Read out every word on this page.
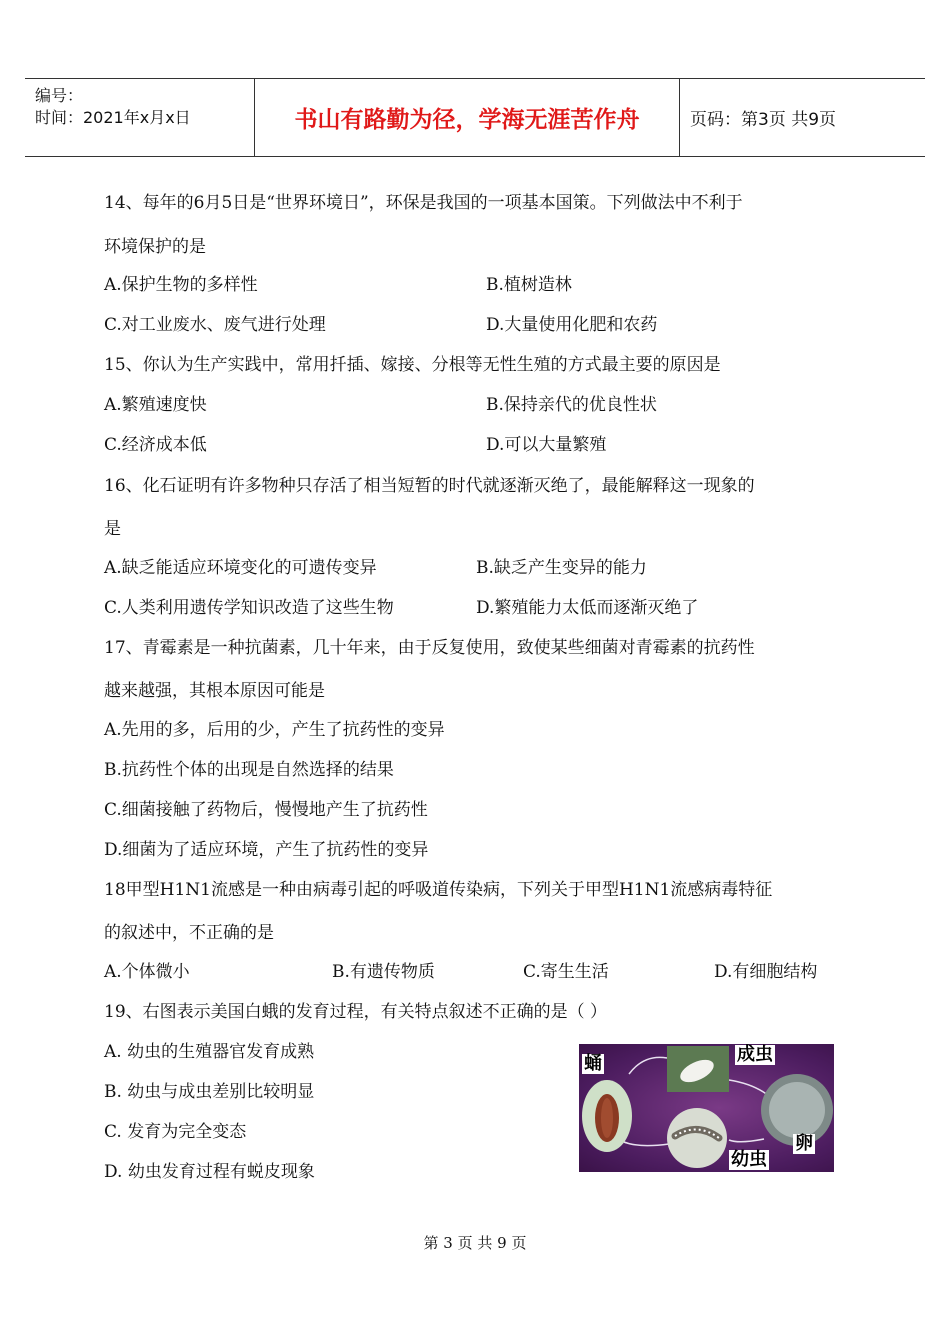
编号：
时间：2021年x月x日	书山有路勤为径，学海无涯苦作舟	页码：第3页 共9页
14、每年的6月5日是“世界环境日”，环保是我国的一项基本国策。下列做法中不利于
环境保护的是
A.保护生物的多样性	B.植树造林
C.对工业废水、废气进行处理	D.大量使用化肥和农药
15、你认为生产实践中，常用扦插、嫁接、分根等无性生殖的方式最主要的原因是
A.繁殖速度快	B.保持亲代的优良性状
C.经济成本低	D.可以大量繁殖
16、化石证明有许多物种只存活了相当短暂的时代就逐渐灭绝了，最能解释这一现象的
是
A.缺乏能适应环境变化的可遗传变异	B.缺乏产生变异的能力
C.人类利用遗传学知识改造了这些生物	D.繁殖能力太低而逐渐灭绝了
17、青霉素是一种抗菌素，几十年来，由于反复使用，致使某些细菌对青霉素的抗药性
越来越强，其根本原因可能是
A.先用的多，后用的少，产生了抗药性的变异
B.抗药性个体的出现是自然选择的结果
C.细菌接触了药物后，慢慢地产生了抗药性
D.细菌为了适应环境，产生了抗药性的变异
18甲型H1N1流感是一种由病毒引起的呼吸道传染病，下列关于甲型H1N1流感病毒特征
的叙述中，不正确的是
A.个体微小	B.有遗传物质	C.寄生生活	D.有细胞结构
19、右图表示美国白蛾的发育过程，有关特点叙述不正确的是（ ）
A. 幼虫的生殖器官发育成熟
B. 幼虫与成虫差别比较明显
C. 发育为完全变态
D. 幼虫发育过程有蜕皮现象
蛹	成虫
卵
幼虫
第 3 页 共 9 页
